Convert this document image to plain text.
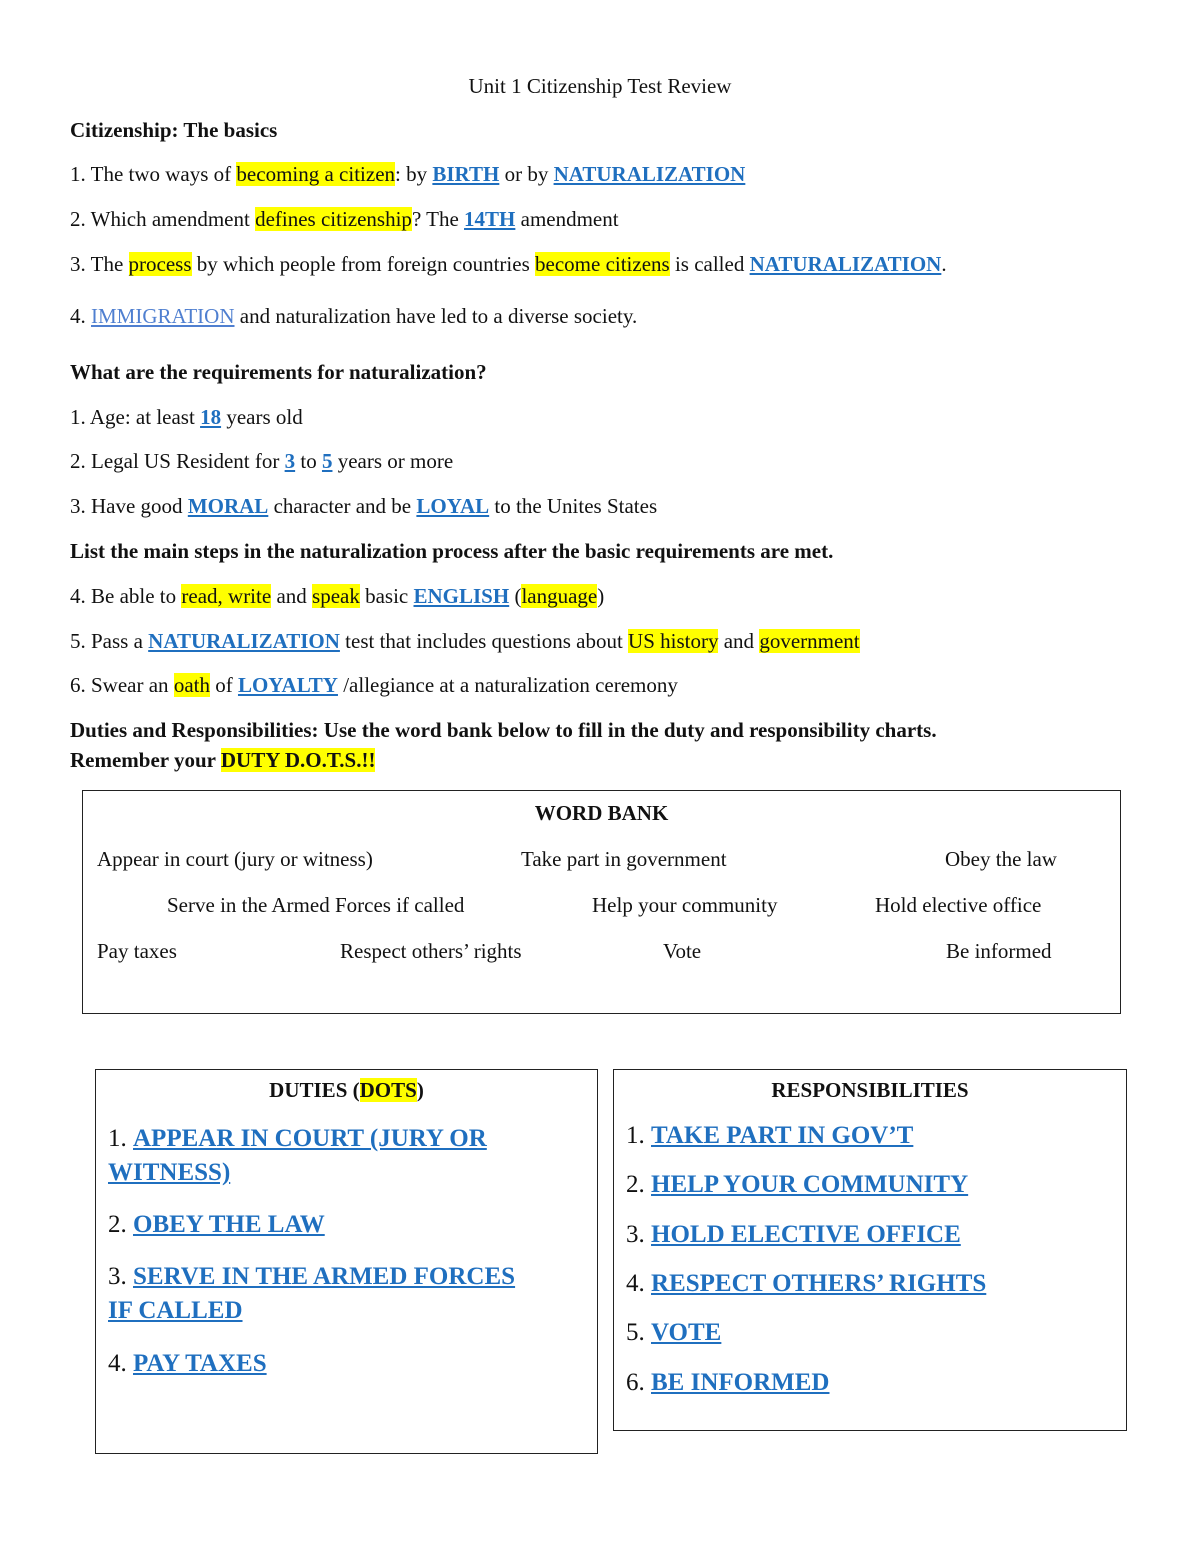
Unit 1 Citizenship Test Review
Citizenship: The basics
1. The two ways of becoming a citizen: by BIRTH or by NATURALIZATION
2. Which amendment defines citizenship? The 14TH amendment
3. The process by which people from foreign countries become citizens is called NATURALIZATION.
4. IMMIGRATION and naturalization have led to a diverse society.
What are the requirements for naturalization?
1. Age: at least 18 years old
2. Legal US Resident for 3 to 5 years or more
3. Have good MORAL character and be LOYAL to the Unites States
List the main steps in the naturalization process after the basic requirements are met.
4. Be able to read, write and speak basic ENGLISH (language)
5. Pass a NATURALIZATION test that includes questions about US history and government
6. Swear an oath of LOYALTY /allegiance at a naturalization ceremony
Duties and Responsibilities: Use the word bank below to fill in the duty and responsibility charts.
Remember your DUTY D.O.T.S.!!
WORD BANK
Appear in court (jury or witness)	Take part in government	Obey the law
Serve in the Armed Forces if called	Help your community	Hold elective office
Pay taxes	Respect others’ rights	Vote	Be informed
DUTIES (DOTS)
1. APPEAR IN COURT (JURY OR
WITNESS)
2. OBEY THE LAW
3. SERVE IN THE ARMED FORCES
IF CALLED
4. PAY TAXES
RESPONSIBILITIES
1. TAKE PART IN GOV’T
2. HELP YOUR COMMUNITY
3. HOLD ELECTIVE OFFICE
4. RESPECT OTHERS’ RIGHTS
5. VOTE
6. BE INFORMED
